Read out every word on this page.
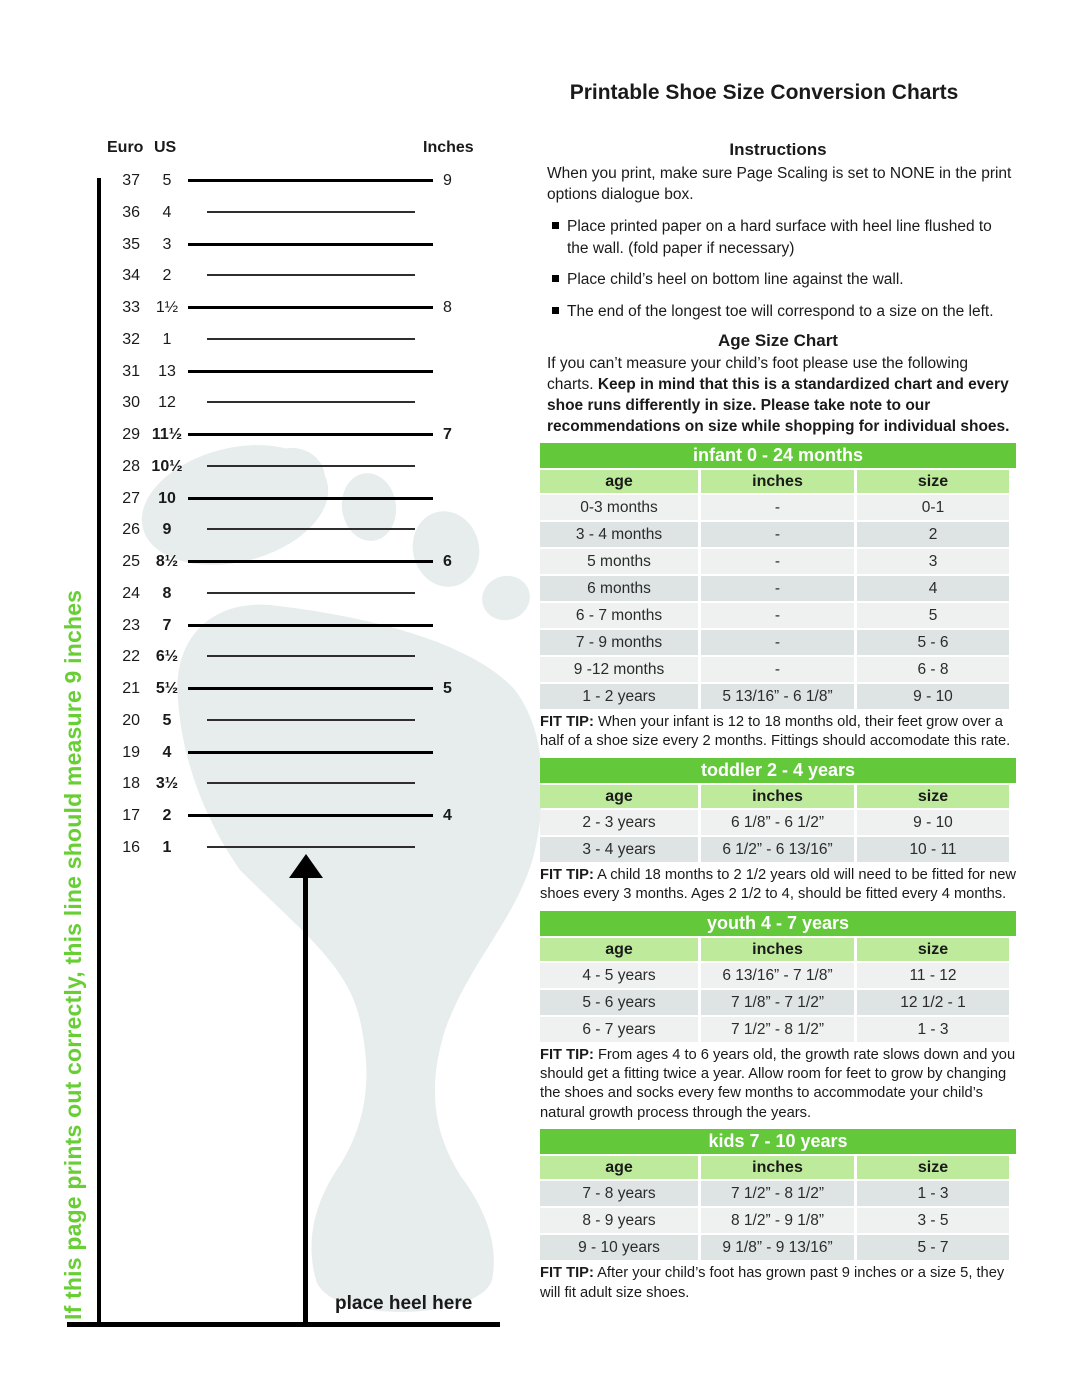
If this page prints out correctly, this line should measure 9 inches
Euro US	Inches
37	5	9
36	4
35	3
34	2
33 1½	8
32	1
31	13
30	12
29 11½	7
28 10½
27	10
26	9
25 8½	6
24	8
23	7
22 6½
21 5½	5
20	5
19	4
18 3½
17	2	4
16	1
place heel here
Printable Shoe Size Conversion Charts
Instructions

When you print, make sure Page Scaling is set to NONE in the print options dialogue box.

Place printed paper on a hard surface with heel line flushed to the wall. (fold paper if necessary)
Place child’s heel on bottom line against the wall.
The end of the longest toe will correspond to a size on the left.
Age Size Chart

If you can’t measure your child’s foot please use the following charts. Keep in mind that this is a standardized chart and every shoe runs differently in size. Please take note to our recommendations on size while shopping for individual shoes.

infant 0 - 24 months
age	inches	size
0-3 months	-	0-1
3 - 4 months	-	2
5 months	-	3
6 months	-	4
6 - 7 months	-	5
7 - 9 months	-	5 - 6
9 -12 months	-	6 - 8
1 - 2 years	5 13/16” - 6 1/8”	9 - 10

FIT TIP: When your infant is 12 to 18 months old, their feet grow over a half of a shoe size every 2 months. Fittings should accomodate this rate.

toddler 2 - 4 years
age	inches	size
2 - 3 years	6 1/8” - 6 1/2”	9 - 10
3 - 4 years	6 1/2” - 6 13/16”	10 - 11

FIT TIP: A child 18 months to 2 1/2 years old will need to be fitted for new shoes every 3 months. Ages 2 1/2 to 4, should be fitted every 4 months.

youth 4 - 7 years
age	inches	size
4 - 5 years	6 13/16” - 7 1/8”	11 - 12
5 - 6 years	7 1/8” - 7 1/2”	12 1/2 - 1
6 - 7 years	7 1/2” - 8 1/2”	1 - 3

FIT TIP: From ages 4 to 6 years old, the growth rate slows down and you should get a fitting twice a year. Allow room for feet to grow by changing the shoes and socks every few months to accommodate your child’s natural growth process through the years.

kids 7 - 10 years
age	inches	size
7 - 8 years	7 1/2” - 8 1/2”	1 - 3
8 - 9 years	8 1/2” - 9 1/8”	3 - 5
9 - 10 years	9 1/8” - 9 13/16”	5 - 7

FIT TIP: After your child’s foot has grown past 9 inches or a size 5, they will fit adult size shoes.
